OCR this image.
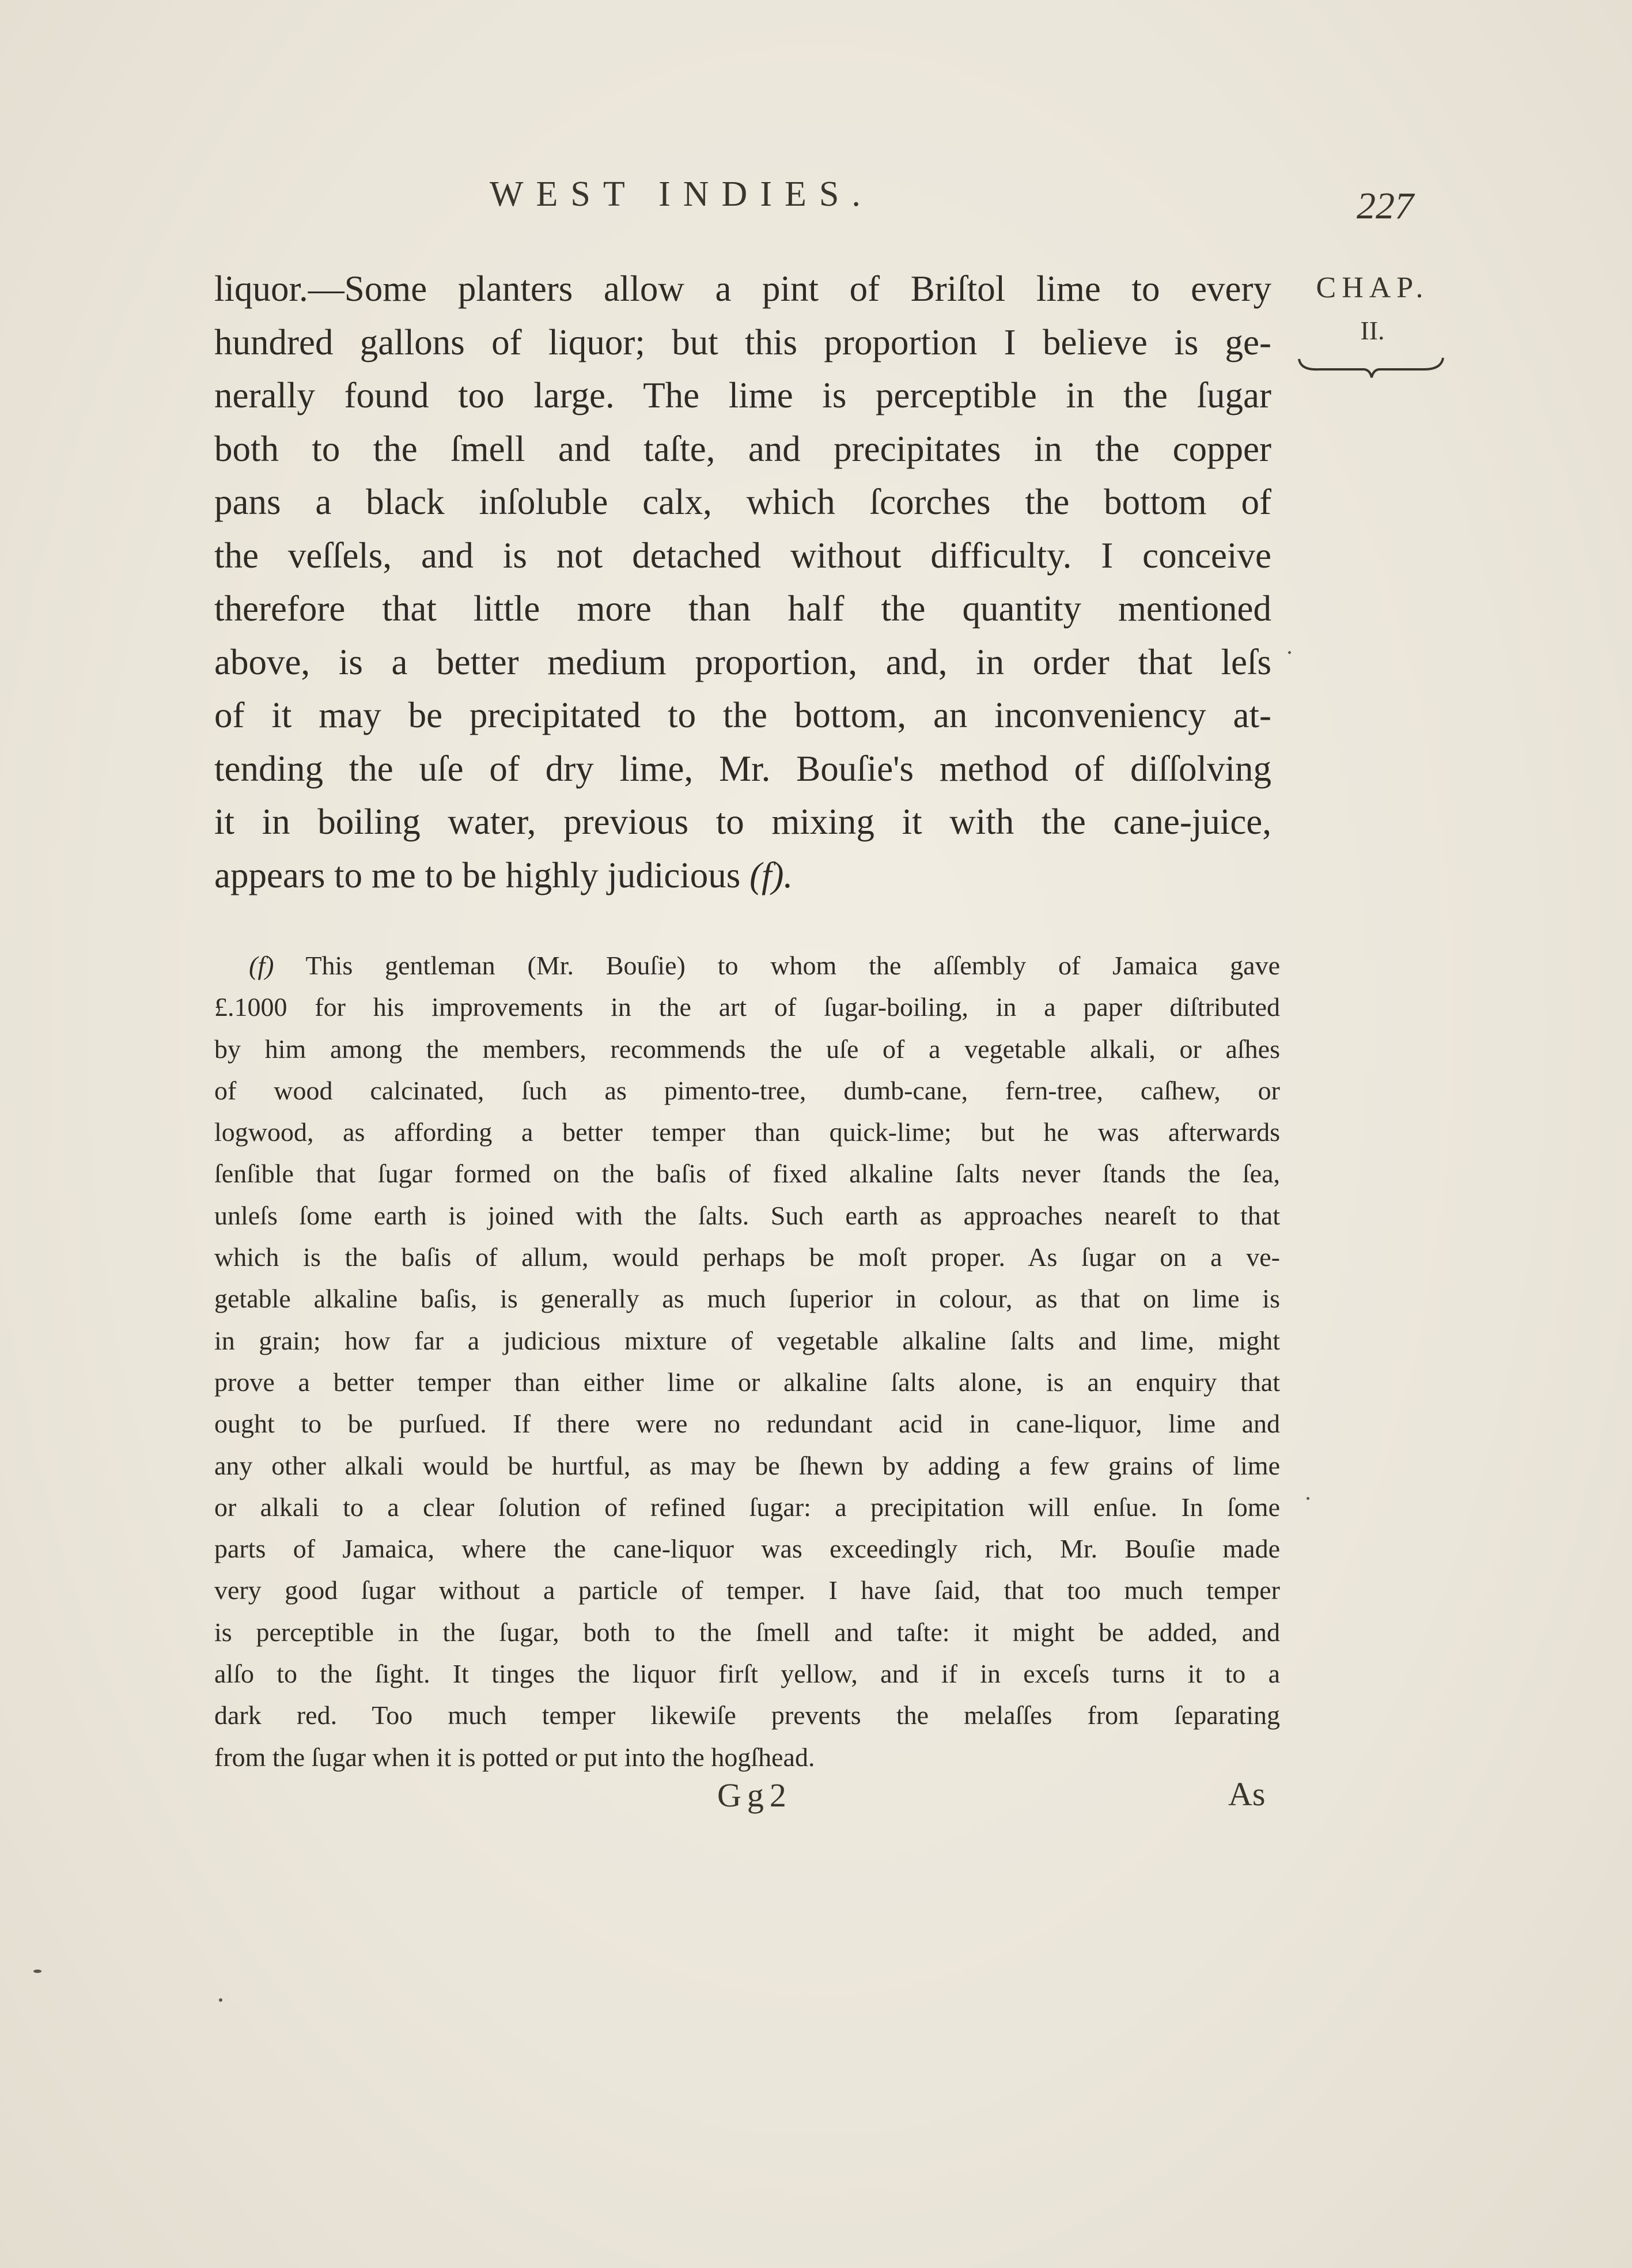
WEST INDIES.	227
CHAP.
II.
liquor.—Some planters allow a pint of Briſtol lime to every
hundred gallons of liquor; but this proportion I believe is ge-
nerally found too large. The lime is perceptible in the ſugar
both to the ſmell and taſte, and precipitates in the copper
pans a black inſoluble calx, which ſcorches the bottom of
the veſſels, and is not detached without difficulty. I conceive
therefore that little more than half the quantity mentioned
above, is a better medium proportion, and, in order that leſs
of it may be precipitated to the bottom, an inconveniency at-
tending the uſe of dry lime, Mr. Bouſie's method of diſſolving
it in boiling water, previous to mixing it with the cane-juice,
appears to me to be highly judicious (f).
(f) This gentleman (Mr. Bouſie) to whom the aſſembly of Jamaica gave
£.1000 for his improvements in the art of ſugar-boiling, in a paper diſtributed
by him among the members, recommends the uſe of a vegetable alkali, or aſhes
of wood calcinated, ſuch as pimento-tree, dumb-cane, fern-tree, caſhew, or
logwood, as affording a better temper than quick-lime; but he was afterwards
ſenſible that ſugar formed on the baſis of fixed alkaline ſalts never ſtands the ſea,
unleſs ſome earth is joined with the ſalts. Such earth as approaches neareſt to that
which is the baſis of allum, would perhaps be moſt proper. As ſugar on a ve-
getable alkaline baſis, is generally as much ſuperior in colour, as that on lime is
in grain; how far a judicious mixture of vegetable alkaline ſalts and lime, might
prove a better temper than either lime or alkaline ſalts alone, is an enquiry that
ought to be purſued. If there were no redundant acid in cane-liquor, lime and
any other alkali would be hurtful, as may be ſhewn by adding a few grains of lime
or alkali to a clear ſolution of refined ſugar: a precipitation will enſue. In ſome
parts of Jamaica, where the cane-liquor was exceedingly rich, Mr. Bouſie made
very good ſugar without a particle of temper. I have ſaid, that too much temper
is perceptible in the ſugar, both to the ſmell and taſte: it might be added, and
alſo to the ſight. It tinges the liquor firſt yellow, and if in exceſs turns it to a
dark red. Too much temper likewiſe prevents the melaſſes from ſeparating
from the ſugar when it is potted or put into the hogſhead.
Gg2	As
